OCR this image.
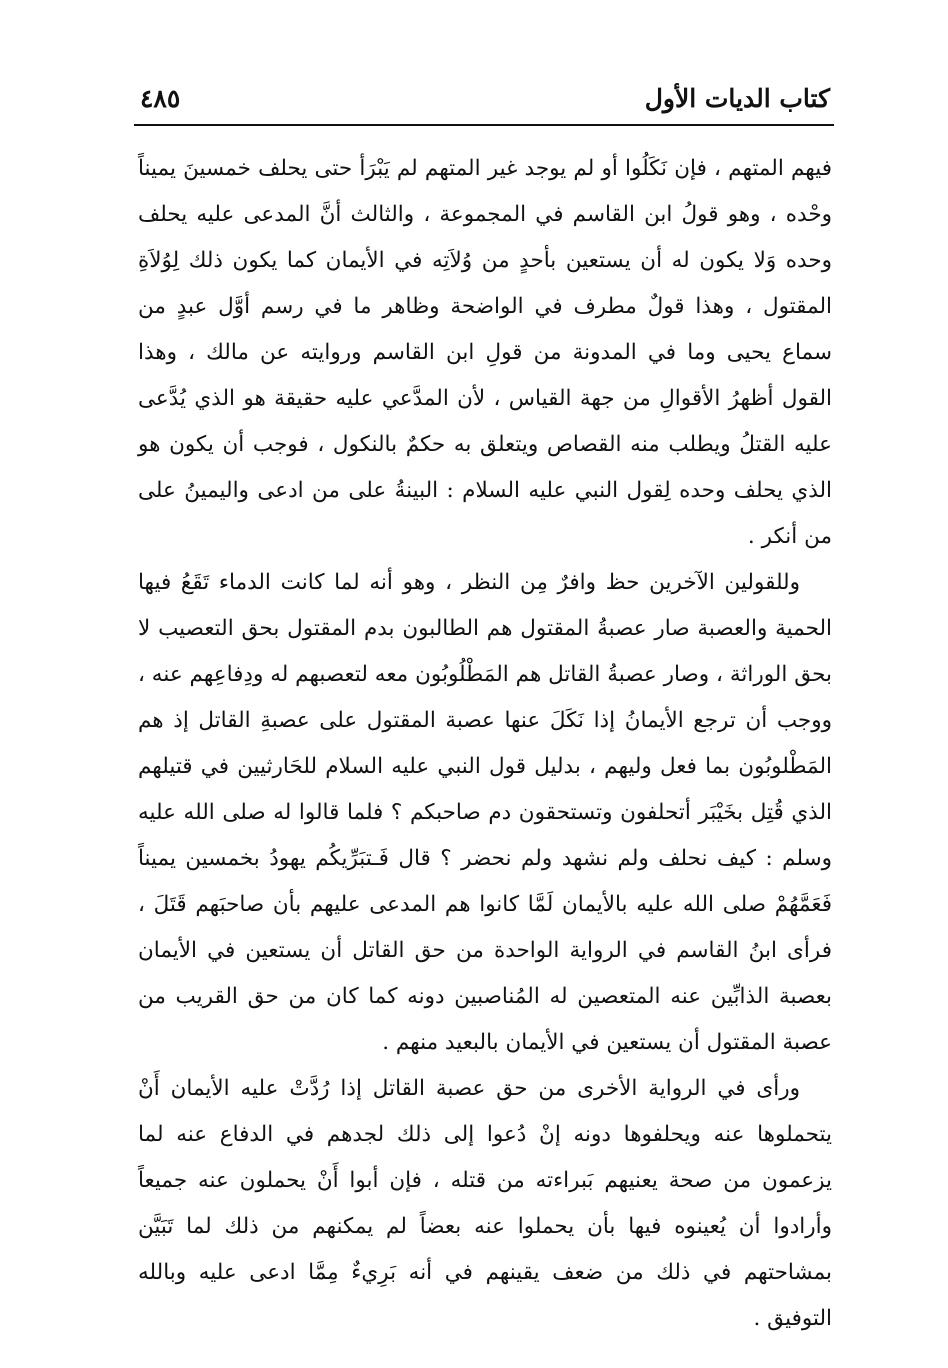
كتاب الديات الأول
٤٨٥

فيهم المتهم ، فإن نَكَلُوا أو لم يوجد غير المتهم لم يَبْرَأ حتى يحلف خمسينَ يميناً وحْده ، وهو قولُ ابن القاسم في المجموعة ، والثالث أنَّ المدعى عليه يحلف وحده وَلا يكون له أن يستعين بأحدٍ من وُلاَتِه في الأيمان كما يكون ذلك لِوُلاَةِ المقتول ، وهذا قولٌ مطرف في الواضحة وظاهر ما في رسم أوَّل عبدٍ من سماع يحيى وما في المدونة من قولِ ابن القاسم وروايته عن مالك ، وهذا القول أظهرُ الأقوالِ من جهة القياس ، لأن المدَّعي عليه حقيقة هو الذي يُدَّعى عليه القتلُ ويطلب منه القصاص ويتعلق به حكمٌ بالنكول ، فوجب أن يكون هو الذي يحلف وحده لِقول النبي عليه السلام : البينةُ على من ادعى واليمينُ على من أنكر .

وللقولين الآخرين حظ وافرٌ مِن النظر ، وهو أنه لما كانت الدماء تَقَعُ فيها الحمية والعصبة صار عصبةُ المقتول هم الطالبون بدم المقتول بحق التعصيب لا بحق الوراثة ، وصار عصبةُ القاتل هم المَطْلُوبُون معه لتعصبهم له ودِفاعِهم عنه ، ووجب أن ترجع الأيمانُ إذا نَكَلَ عنها عصبة المقتول على عصبةِ القاتل إذ هم المَطْلوبُون بما فعل وليهم ، بدليل قول النبي عليه السلام للحَارثيين في قتيلهم الذي قُتِل بخَيْبَر أتحلفون وتستحقون دم صاحبكم ؟ فلما قالوا له صلى الله عليه وسلم : كيف نحلف ولم نشهد ولم نحضر ؟ قال فَـتبَرِّيكُم يهودُ بخمسين يميناً فَعَمَّهُمْ صلى الله عليه بالأيمان لَمَّا كانوا هم المدعى عليهم بأن صاحبَهم قَتَلَ ، فرأى ابنُ القاسم في الرواية الواحدة من حق القاتل أن يستعين في الأيمان بعصبة الذابِّين عنه المتعصين له المُناصبين دونه كما كان من حق القريب من عصبة المقتول أن يستعين في الأيمان بالبعيد منهم .

ورأى في الرواية الأخرى من حق عصبة القاتل إذا رُدَّتْ عليه الأيمان أَنْ يتحملوها عنه ويحلفوها دونه إنْ دُعوا إلى ذلك لجدهم في الدفاع عنه لما يزعمون من صحة يعنيهم بَبراءته من قتله ، فإن أبوا أَنْ يحملون عنه جميعاً وأرادوا أن يُعينوه فيها بأن يحملوا عنه بعضاً لم يمكنهم من ذلك لما تَبَيَّن بمشاحتهم في ذلك من ضعف يقينهم في أنه بَرِيءٌ مِمَّا ادعى عليه وبالله التوفيق .
